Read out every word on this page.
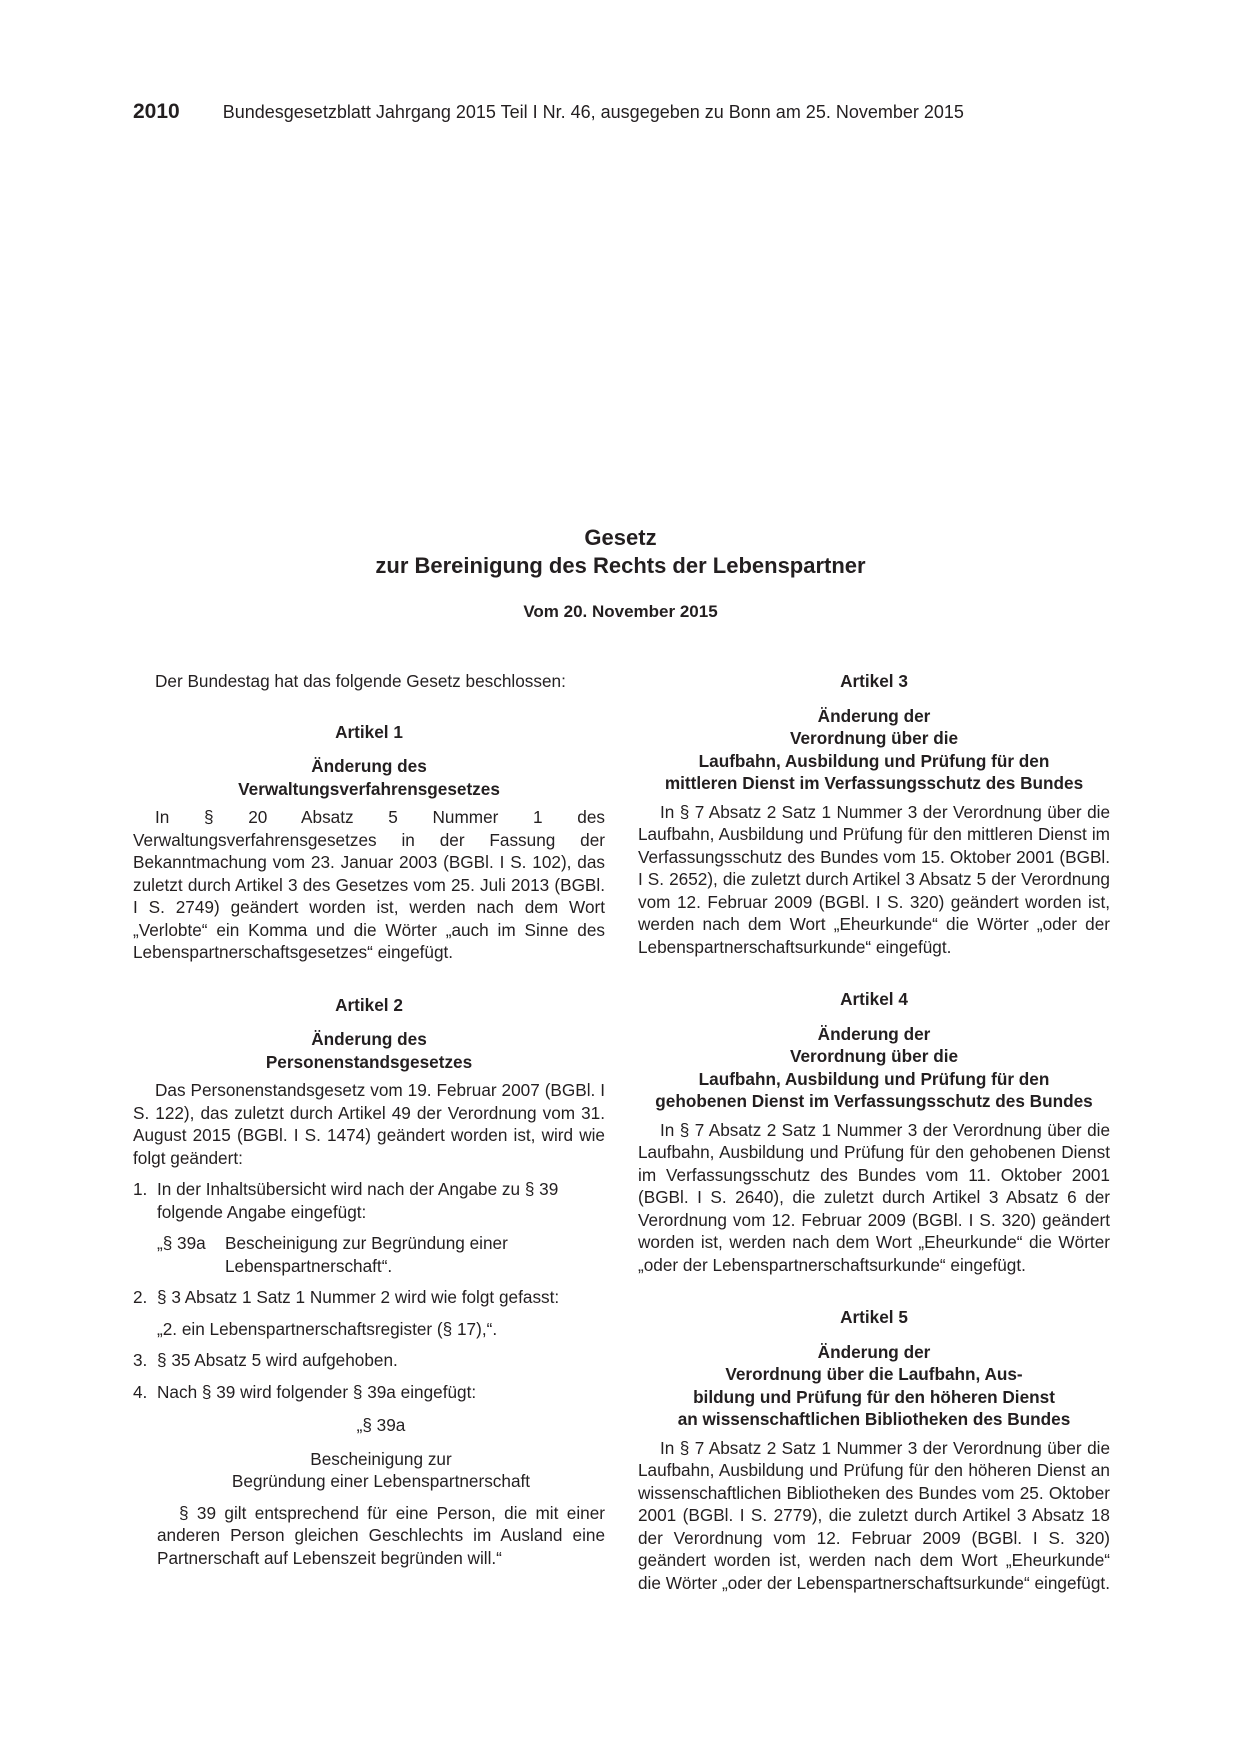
2010 Bundesgesetzblatt Jahrgang 2015 Teil I Nr. 46, ausgegeben zu Bonn am 25. November 2015
Gesetz
zur Bereinigung des Rechts der Lebenspartner
Vom 20. November 2015

Der Bundestag hat das folgende Gesetz beschlossen:

Artikel 1
Änderung des
Verwaltungsverfahrensgesetzes

In § 20 Absatz 5 Nummer 1 des Verwaltungsverfahrensgesetzes in der Fassung der Bekanntmachung vom 23. Januar 2003 (BGBl. I S. 102), das zuletzt durch Artikel 3 des Gesetzes vom 25. Juli 2013 (BGBl. I S. 2749) geändert worden ist, werden nach dem Wort „Verlobte“ ein Komma und die Wörter „auch im Sinne des Lebenspartnerschaftsgesetzes“ eingefügt.

Artikel 2
Änderung des
Personenstandsgesetzes

Das Personenstandsgesetz vom 19. Februar 2007 (BGBl. I S. 122), das zuletzt durch Artikel 49 der Verordnung vom 31. August 2015 (BGBl. I S. 1474) geändert worden ist, wird wie folgt geändert:

1. In der Inhaltsübersicht wird nach der Angabe zu § 39 folgende Angabe eingefügt:
„§ 39a	Bescheinigung zur Begründung einer Lebenspartnerschaft“.
2. § 3 Absatz 1 Satz 1 Nummer 2 wird wie folgt gefasst:
„2. ein Lebenspartnerschaftsregister (§ 17),“.
3. § 35 Absatz 5 wird aufgehoben.
4. Nach § 39 wird folgender § 39a eingefügt:
„§ 39a
Bescheinigung zur
Begründung einer Lebenspartnerschaft

§ 39 gilt entsprechend für eine Person, die mit einer anderen Person gleichen Geschlechts im Ausland eine Partnerschaft auf Lebenszeit begründen will.“

Artikel 3
Änderung der
Verordnung über die
Laufbahn, Ausbildung und Prüfung für den
mittleren Dienst im Verfassungsschutz des Bundes

In § 7 Absatz 2 Satz 1 Nummer 3 der Verordnung über die Laufbahn, Ausbildung und Prüfung für den mittleren Dienst im Verfassungsschutz des Bundes vom 15. Oktober 2001 (BGBl. I S. 2652), die zuletzt durch Artikel 3 Absatz 5 der Verordnung vom 12. Februar 2009 (BGBl. I S. 320) geändert worden ist, werden nach dem Wort „Eheurkunde“ die Wörter „oder der Lebenspartnerschaftsurkunde“ eingefügt.

Artikel 4
Änderung der
Verordnung über die
Laufbahn, Ausbildung und Prüfung für den
gehobenen Dienst im Verfassungsschutz des Bundes

In § 7 Absatz 2 Satz 1 Nummer 3 der Verordnung über die Laufbahn, Ausbildung und Prüfung für den gehobenen Dienst im Verfassungsschutz des Bundes vom 11. Oktober 2001 (BGBl. I S. 2640), die zuletzt durch Artikel 3 Absatz 6 der Verordnung vom 12. Februar 2009 (BGBl. I S. 320) geändert worden ist, werden nach dem Wort „Eheurkunde“ die Wörter „oder der Lebenspartnerschaftsurkunde“ eingefügt.

Artikel 5
Änderung der
Verordnung über die Laufbahn, Aus-
bildung und Prüfung für den höheren Dienst
an wissenschaftlichen Bibliotheken des Bundes

In § 7 Absatz 2 Satz 1 Nummer 3 der Verordnung über die Laufbahn, Ausbildung und Prüfung für den höheren Dienst an wissenschaftlichen Bibliotheken des Bundes vom 25. Oktober 2001 (BGBl. I S. 2779), die zuletzt durch Artikel 3 Absatz 18 der Verordnung vom 12. Februar 2009 (BGBl. I S. 320) geändert worden ist, werden nach dem Wort „Eheurkunde“ die Wörter „oder der Lebenspartnerschaftsurkunde“ eingefügt.
